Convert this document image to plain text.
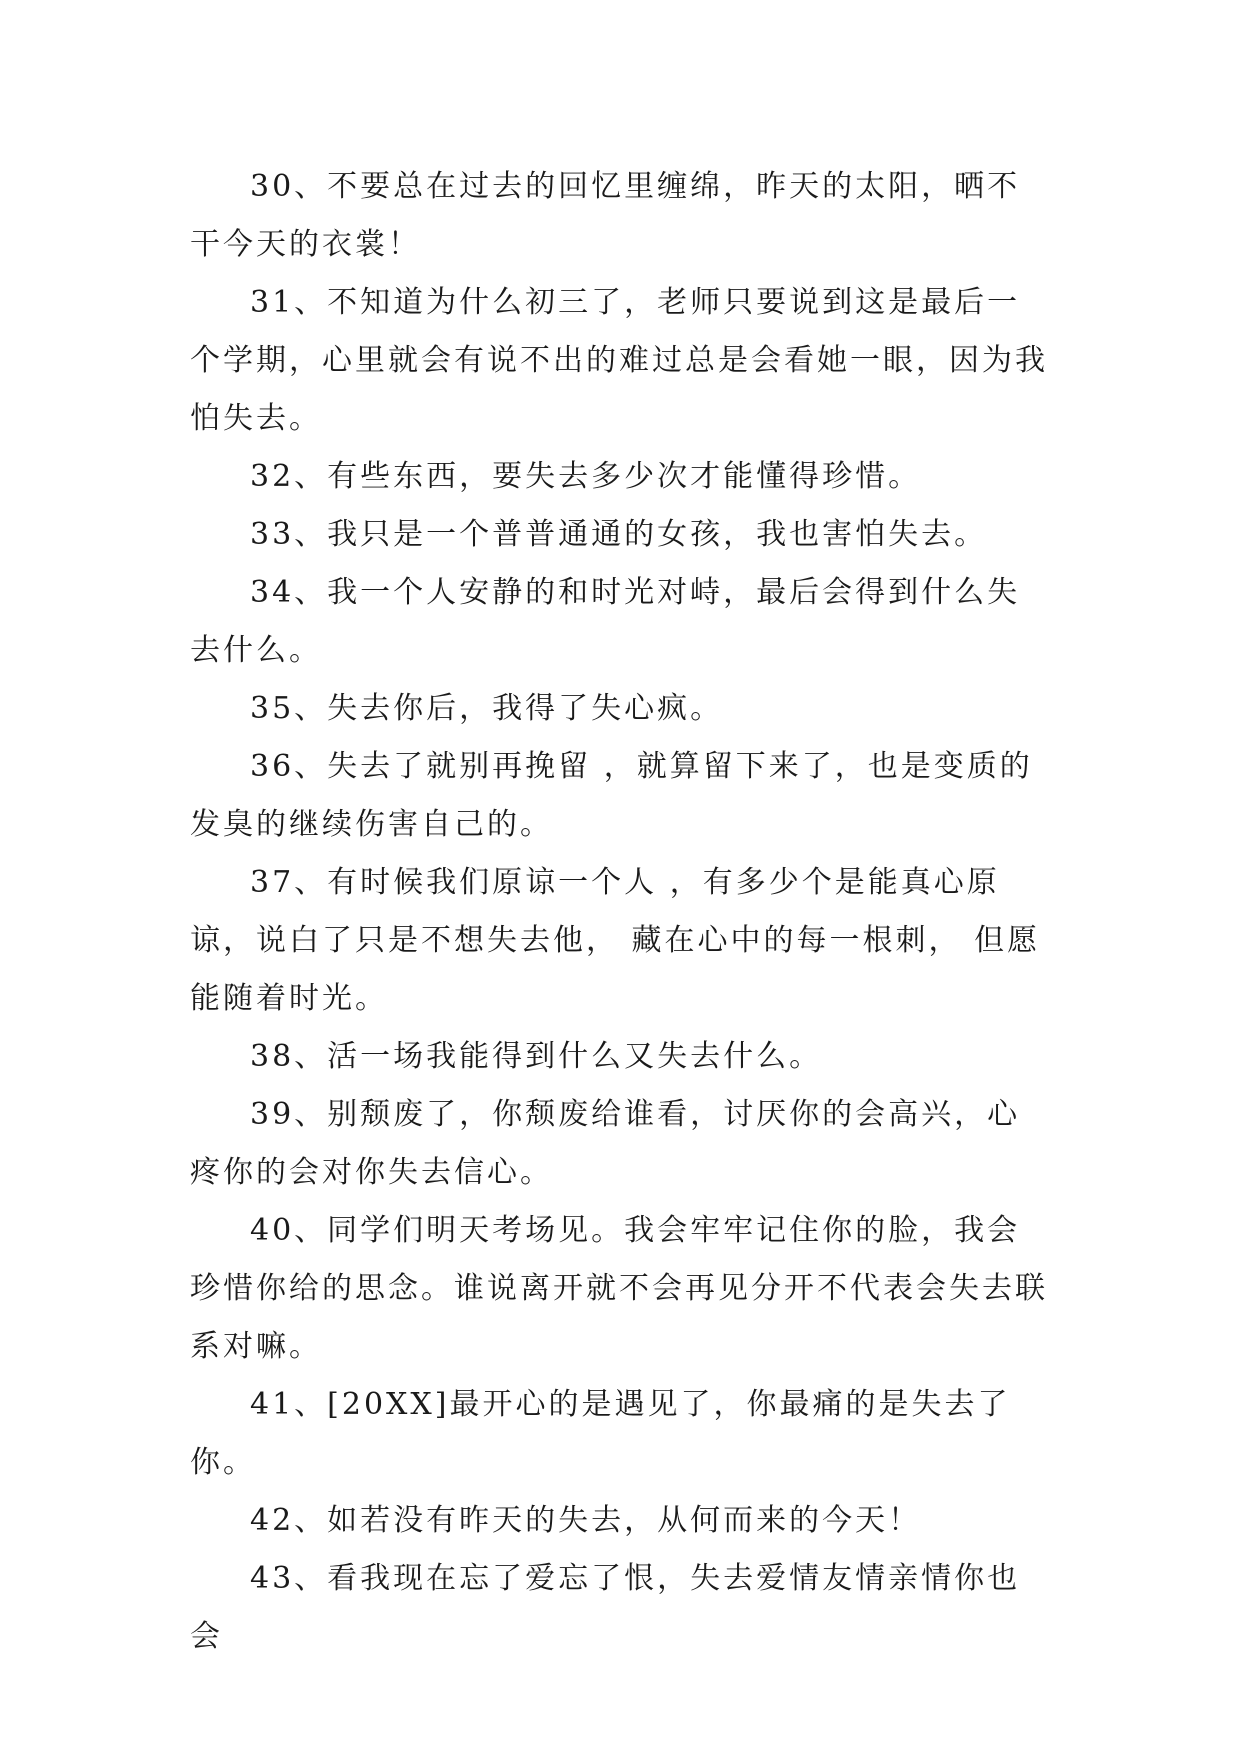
30、不要总在过去的回忆里缠绵，昨天的太阳，晒不干今天的衣裳！

31、不知道为什么初三了，老师只要说到这是最后一个学期，心里就会有说不出的难过总是会看她一眼，因为我怕失去。

32、有些东西，要失去多少次才能懂得珍惜。

33、我只是一个普普通通的女孩，我也害怕失去。

34、我一个人安静的和时光对峙，最后会得到什么失去什么。

35、失去你后，我得了失心疯。

36、失去了就别再挽留 ，就算留下来了，也是变质的发臭的继续伤害自己的。

37、有时候我们原谅一个人 ，有多少个是能真心原谅，说白了只是不想失去他， 藏在心中的每一根刺， 但愿能随着时光。

38、活一场我能得到什么又失去什么。

39、别颓废了，你颓废给谁看，讨厌你的会高兴，心疼你的会对你失去信心。

40、同学们明天考场见。我会牢牢记住你的脸，我会珍惜你给的思念。谁说离开就不会再见分开不代表会失去联系对嘛。

41、[20XX]最开心的是遇见了，你最痛的是失去了你。

42、如若没有昨天的失去，从何而来的今天！

43、看我现在忘了爱忘了恨，失去爱情友情亲情你也会
